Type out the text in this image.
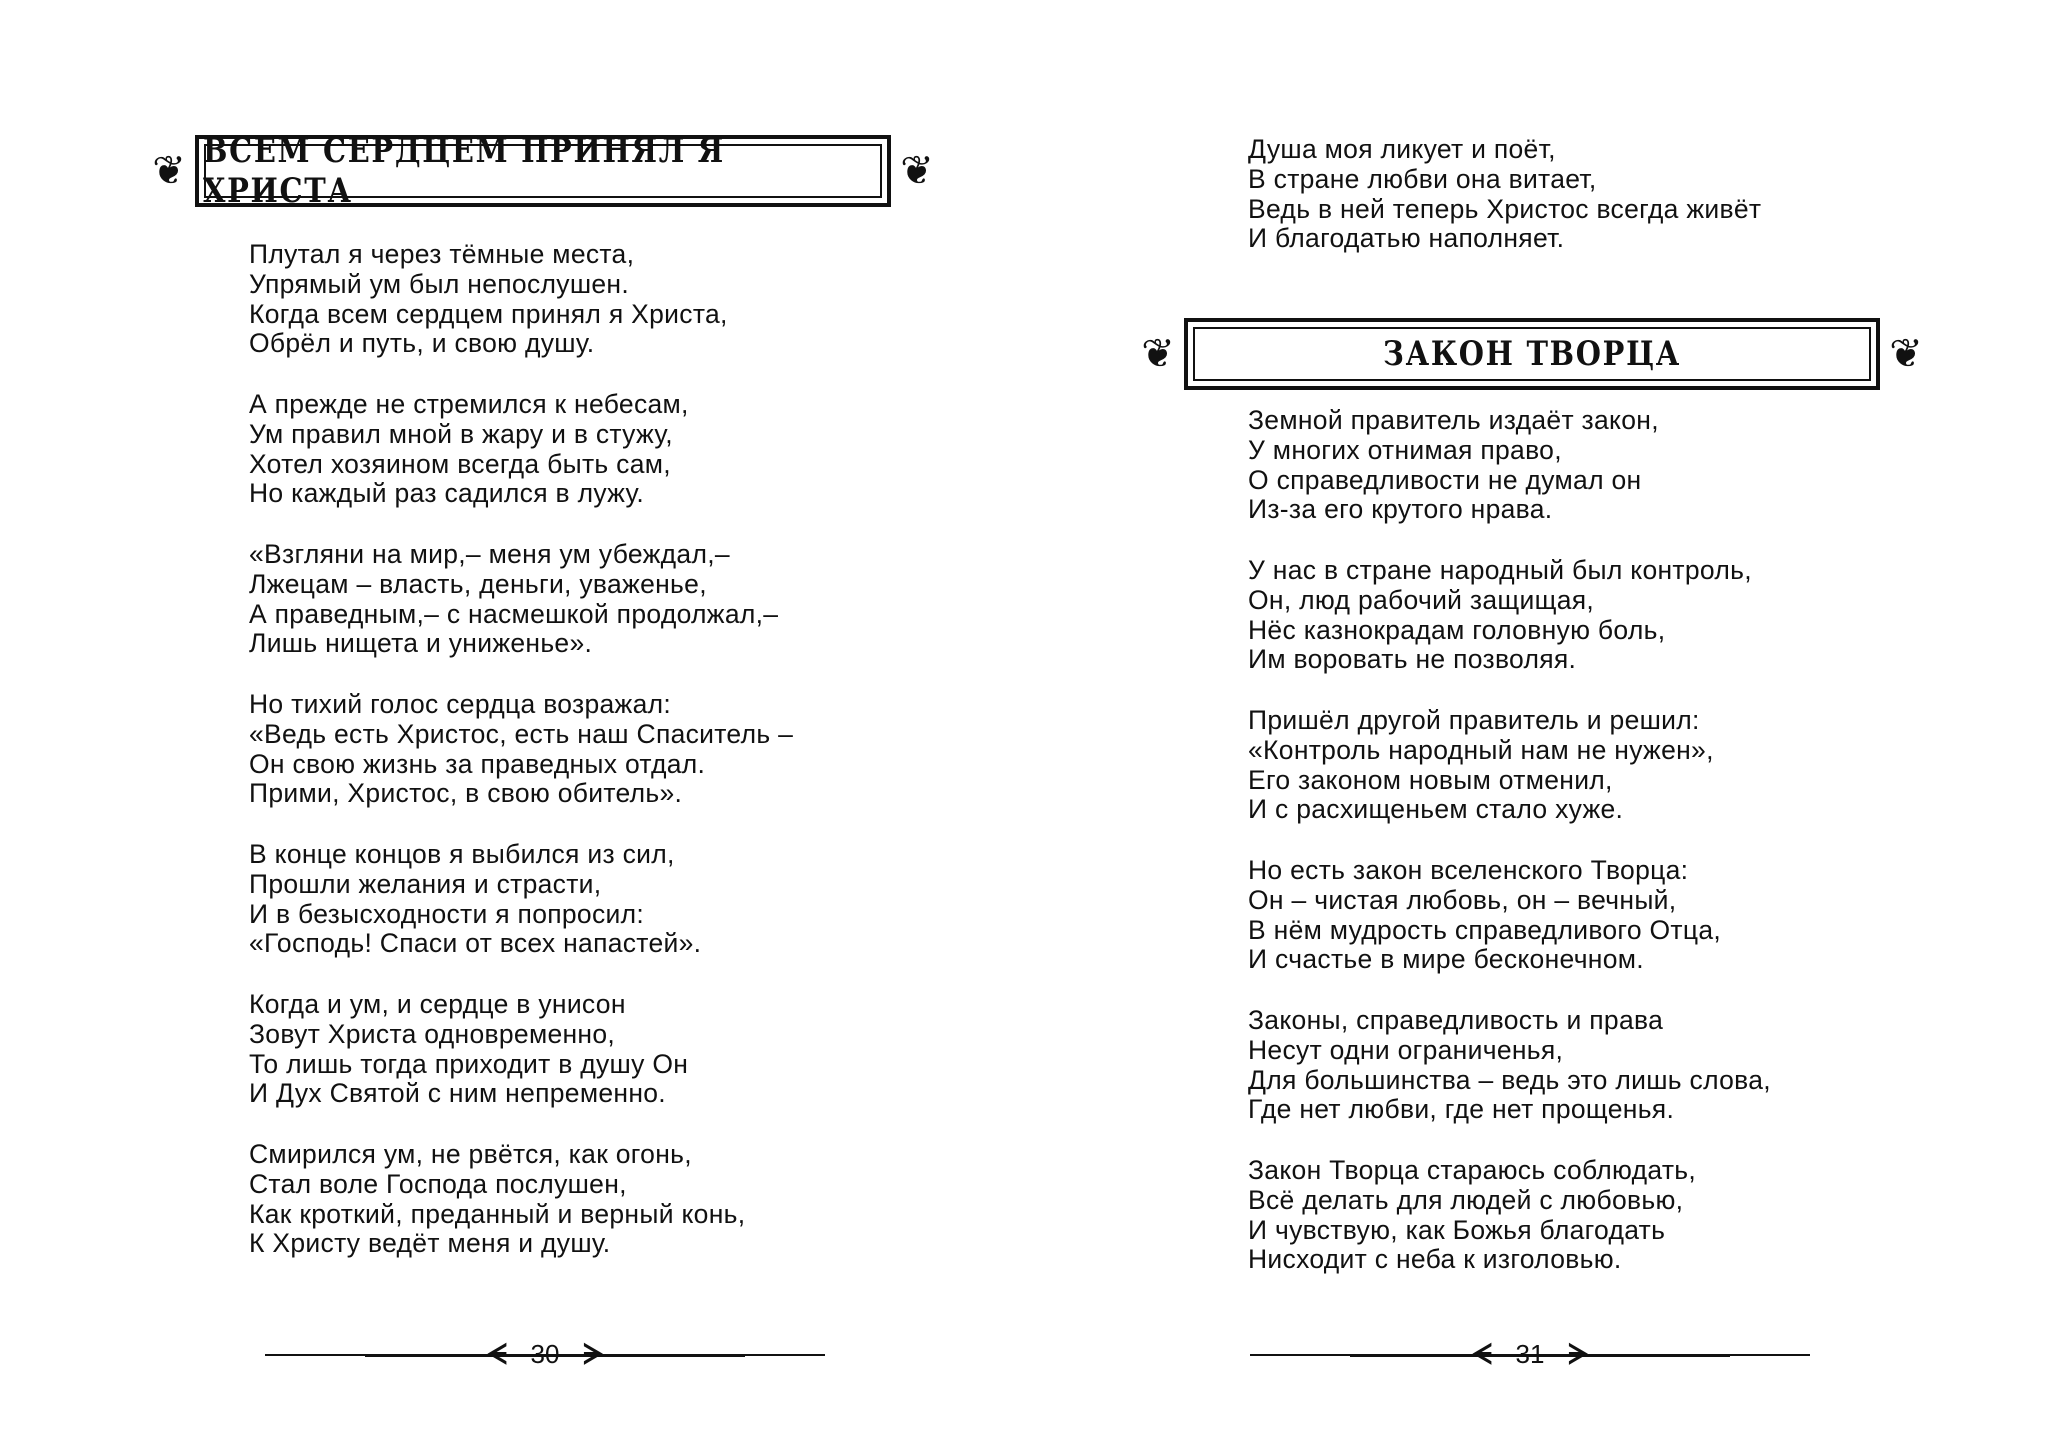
❦ ВСЕМ СЕРДЦЕМ ПРИНЯЛ Я ХРИСТА	❦
Плутал я через тёмные места,
Упрямый ум был непослушен.
Когда всем сердцем принял я Христа,
Обрёл и путь, и свою душу.
А прежде не стремился к небесам,
Ум правил мной в жару и в стужу,
Хотел хозяином всегда быть сам,
Но каждый раз садился в лужу.
«Взгляни на мир,– меня ум убеждал,–
Лжецам – власть, деньги, уваженье,
А праведным,– с насмешкой продолжал,–
Лишь нищета и униженье».
Но тихий голос сердца возражал:
«Ведь есть Христос, есть наш Спаситель –
Он свою жизнь за праведных отдал.
Прими, Христос, в свою обитель».
В конце концов я выбился из сил,
Прошли желания и страсти,
И в безысходности я попросил:
«Господь! Спаси от всех напастей».
Когда и ум, и сердце в унисон
Зовут Христа одновременно,
То лишь тогда приходит в душу Он
И Дух Святой с ним непременно.
Смирился ум, не рвётся, как огонь,
Стал воле Господа послушен,
Как кроткий, преданный и верный конь,
К Христу ведёт меня и душу.
ᗕ 30 ᗒ
Душа моя ликует и поёт,
В стране любви она витает,
Ведь в ней теперь Христос всегда живёт
И благодатью наполняет.
❦	ЗАКОН ТВОРЦА	❦
Земной правитель издаёт закон,
У многих отнимая право,
О справедливости не думал он
Из-за его крутого нрава.
У нас в стране народный был контроль,
Он, люд рабочий защищая,
Нёс казнокрадам головную боль,
Им воровать не позволяя.
Пришёл другой правитель и решил:
«Контроль народный нам не нужен»,
Его законом новым отменил,
И с расхищеньем стало хуже.
Но есть закон вселенского Творца:
Он – чистая любовь, он – вечный,
В нём мудрость справедливого Отца,
И счастье в мире бесконечном.
Законы, справедливость и права
Несут одни ограниченья,
Для большинства – ведь это лишь слова,
Где нет любви, где нет прощенья.
Закон Творца стараюсь соблюдать,
Всё делать для людей с любовью,
И чувствую, как Божья благодать
Нисходит с неба к изголовью.
ᗕ 31 ᗒ
